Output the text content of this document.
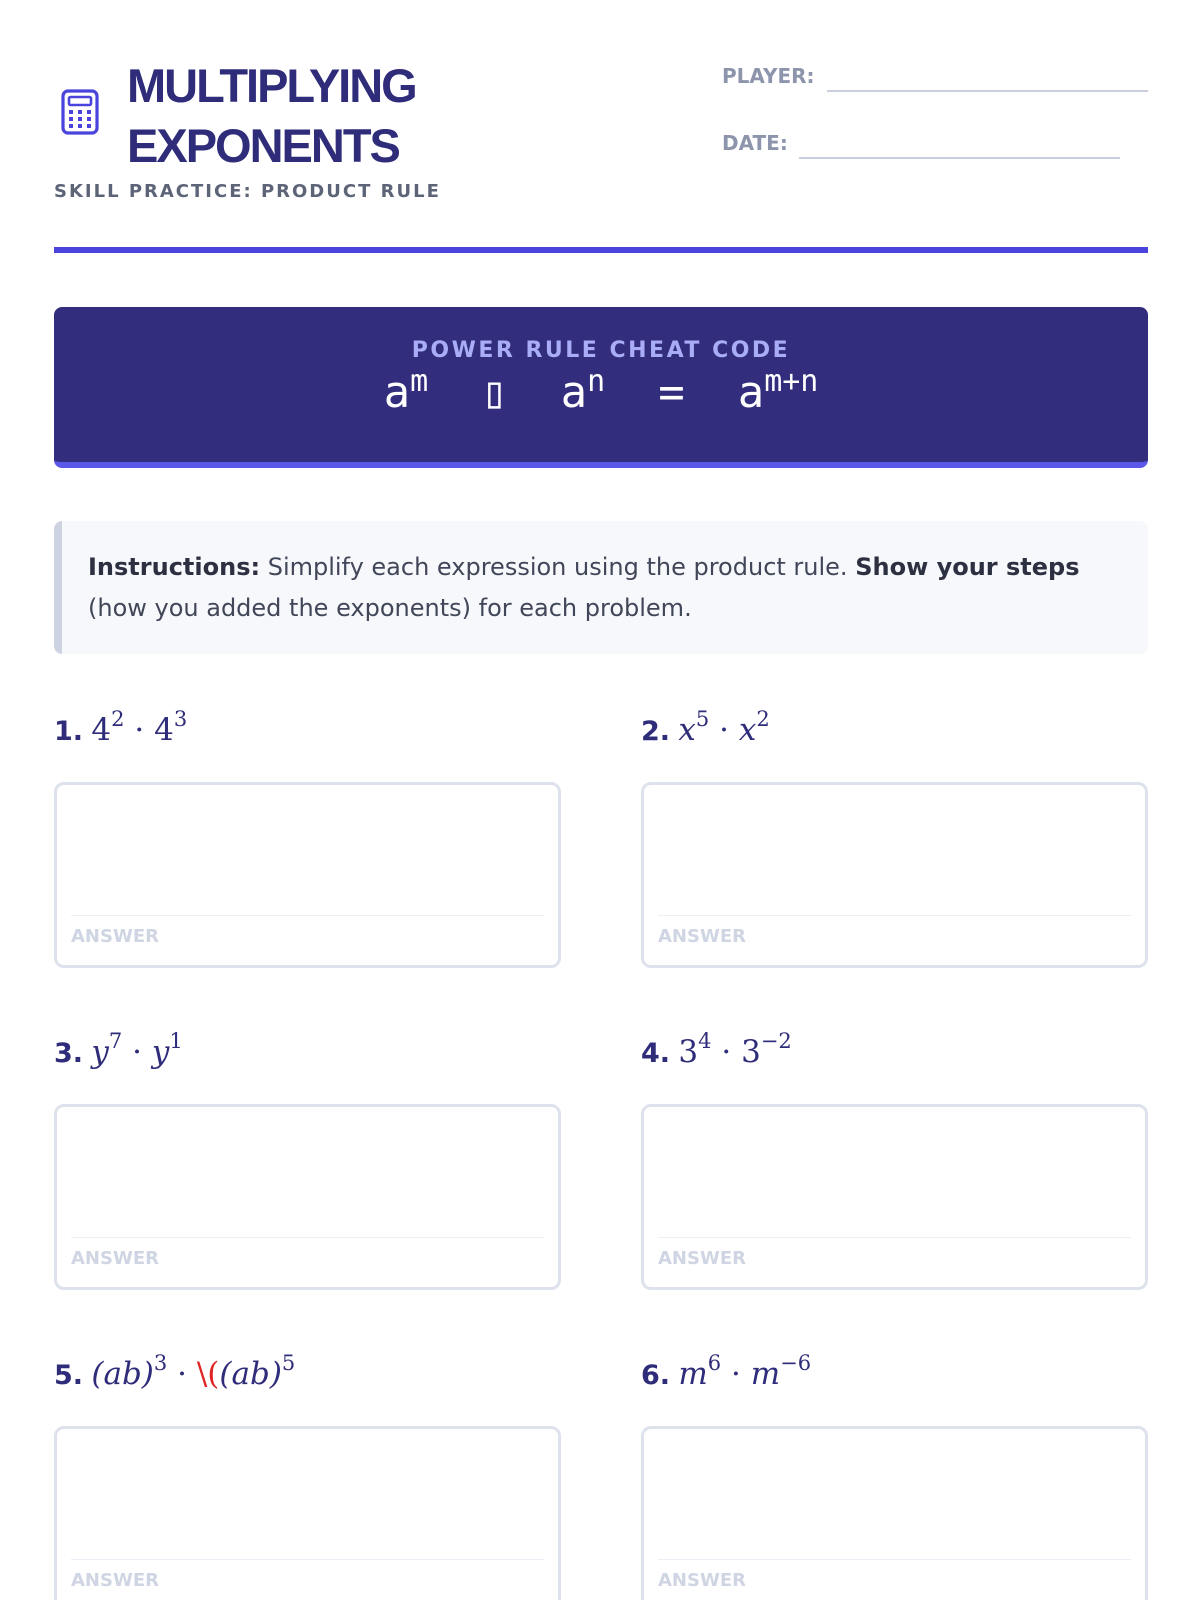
MULTIPLYING
EXPONENTS
SKILL PRACTICE: PRODUCT RULE
PLAYER:
DATE:
POWER RULE CHEAT CODE
$a^m$ ▯ $a^n = a^{m+n}$
Instructions: Simplify each expression using the product rule. Show your steps (how you added the exponents) for each problem.
1. $4^2 \cdot 4^3$
ANSWER
2. $x^5 \cdot x^2$
ANSWER
3. $y^7 \cdot y^1$
ANSWER
4. $3^4 \cdot 3^{-2}$
ANSWER
5. (ab)$^3$ · \((ab)$^5$
ANSWER
6. $m^6 \cdot m^{-6}$
ANSWER
